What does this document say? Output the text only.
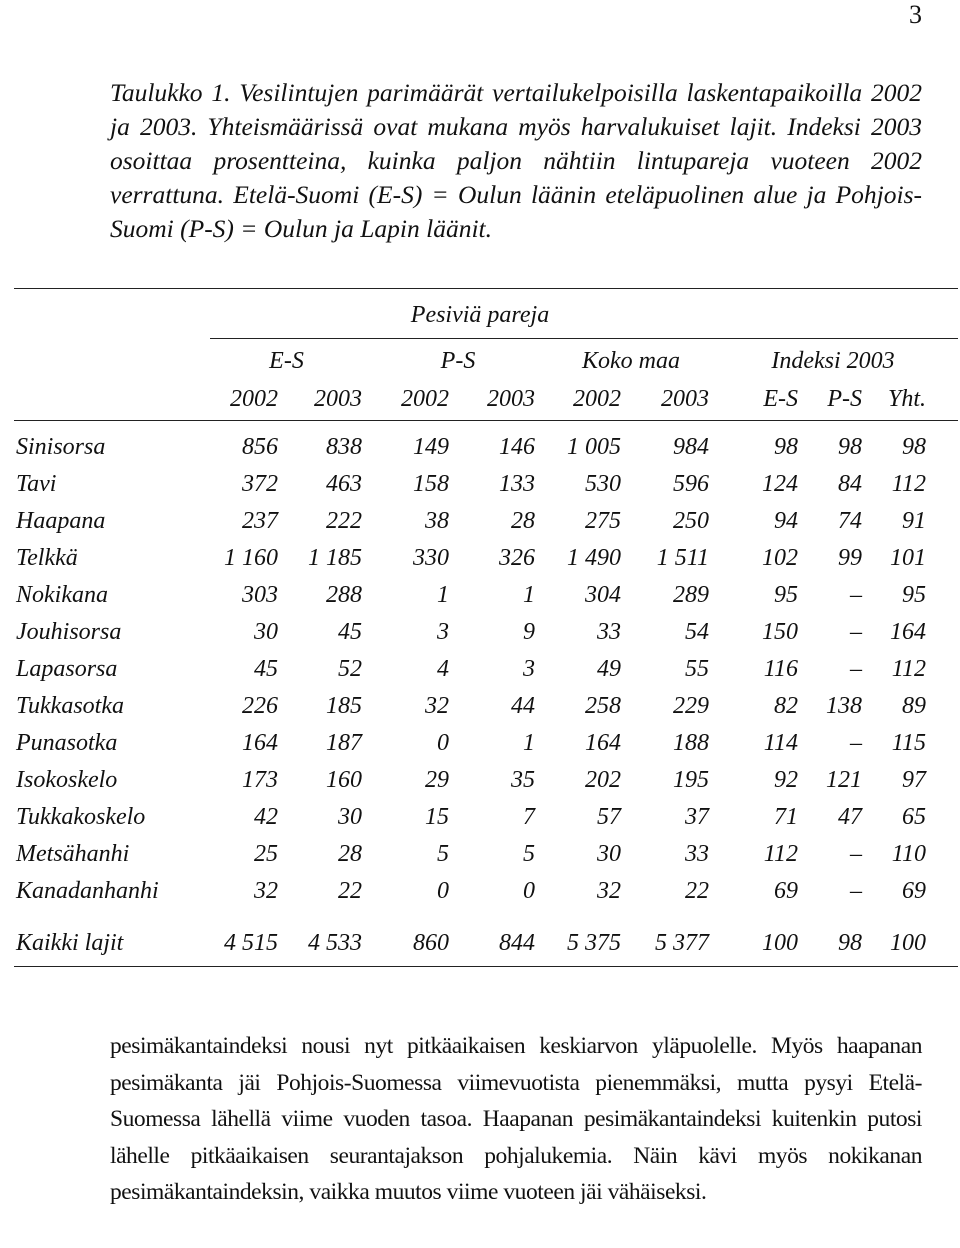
3

Taulukko 1. Vesilintujen parimäärät vertailukelpoisilla laskentapaikoilla 2002 ja 2003. Yhteismäärissä ovat mukana myös harvalukuiset lajit. Indeksi 2003 osoittaa prosentteina, kuinka paljon nähtiin lintupareja vuoteen 2002 verrattuna. Etelä-Suomi (E-S) = Oulun läänin eteläpuolinen alue ja Pohjois-Suomi (P-S) = Oulun ja Lapin läänit.

Pesiviä pareja
E-S	P-S	Koko maa	Indeksi 2003
2002	2003	2002	2003	2002	2003	E-S	P-S	Yht.
Sinisorsa	856	838	149	146	1 005	984	98	98	98
Tavi	372	463	158	133	530	596	124	84	112
Haapana	237	222	38	28	275	250	94	74	91
Telkkä	1 160	1 185	330	326	1 490	1 511	102	99	101
Nokikana	303	288	1	1	304	289	95	–	95
Jouhisorsa	30	45	3	9	33	54	150	–	164
Lapasorsa	45	52	4	3	49	55	116	–	112
Tukkasotka	226	185	32	44	258	229	82	138	89
Punasotka	164	187	0	1	164	188	114	–	115
Isokoskelo	173	160	29	35	202	195	92	121	97
Tukkakoskelo	42	30	15	7	57	37	71	47	65
Metsähanhi	25	28	5	5	30	33	112	–	110
Kanadanhanhi	32	22	0	0	32	22	69	–	69
Kaikki lajit	4 515	4 533	860	844	5 375	5 377	100	98	100

pesimäkantaindeksi nousi nyt pitkäaikaisen keskiarvon yläpuolelle. Myös haapanan pesimäkanta jäi Pohjois-Suomessa viimevuotista pienemmäksi, mutta pysyi Etelä-Suomessa lähellä viime vuoden tasoa. Haapanan pesimäkantaindeksi kuitenkin putosi lähelle pitkäaikaisen seurantajakson pohjalukemia. Näin kävi myös nokikanan pesimäkantaindeksin, vaikka muutos viime vuoteen jäi vähäiseksi.
